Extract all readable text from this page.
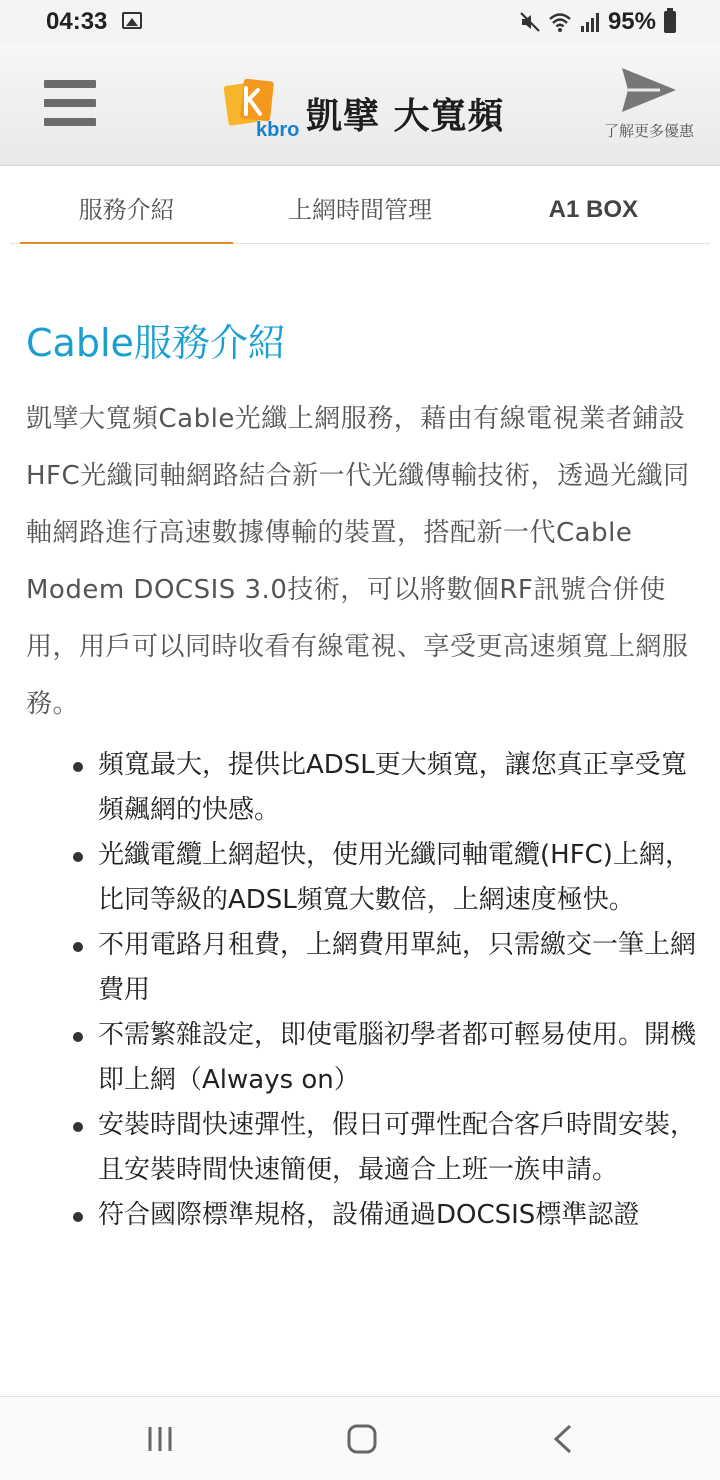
04:33	95%
kbro 凱擘 大寬頻	了解更多優惠
服務介紹	上網時間管理	A1 BOX
Cable服務介紹

凱擘大寬頻Cable光纖上網服務，藉由有線電視業者鋪設HFC光纖同軸網路結合新一代光纖傳輸技術，透過光纖同軸網路進行高速數據傳輸的裝置，搭配新一代Cable Modem DOCSIS 3.0技術，可以將數個RF訊號合併使用，用戶可以同時收看有線電視、享受更高速頻寬上網服務。

頻寬最大，提供比ADSL更大頻寬，讓您真正享受寬頻飆網的快感。
光纖電纜上網超快，使用光纖同軸電纜(HFC)上網，比同等級的ADSL頻寬大數倍，上網速度極快。
不用電路月租費，上網費用單純，只需繳交一筆上網費用
不需繁雜設定，即使電腦初學者都可輕易使用。開機即上網（Always on）
安裝時間快速彈性，假日可彈性配合客戶時間安裝，且安裝時間快速簡便，最適合上班一族申請。
符合國際標準規格，設備通過DOCSIS標準認證
